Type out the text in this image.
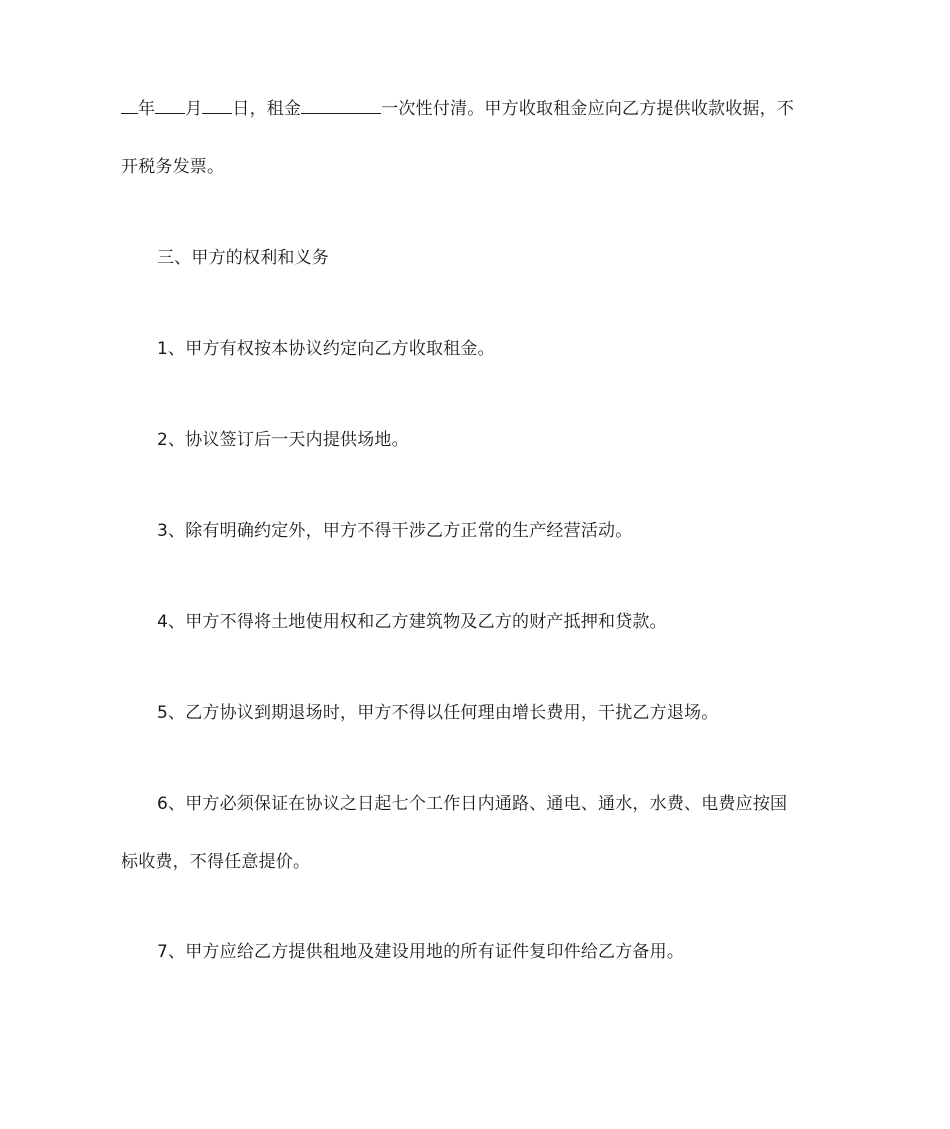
年 月 日，租金	一次性付清。甲方收取租金应向乙方提供收款收据，不
开税务发票。
三、甲方的权利和义务
1、甲方有权按本协议约定向乙方收取租金。
2、协议签订后一天内提供场地。
3、除有明确约定外，甲方不得干涉乙方正常的生产经营活动。
4、甲方不得将土地使用权和乙方建筑物及乙方的财产抵押和贷款。
5、乙方协议到期退场时，甲方不得以任何理由增长费用，干扰乙方退场。
6、甲方必须保证在协议之日起七个工作日内通路、通电、通水，水费、电费应按国
标收费，不得任意提价。
7、甲方应给乙方提供租地及建设用地的所有证件复印件给乙方备用。
